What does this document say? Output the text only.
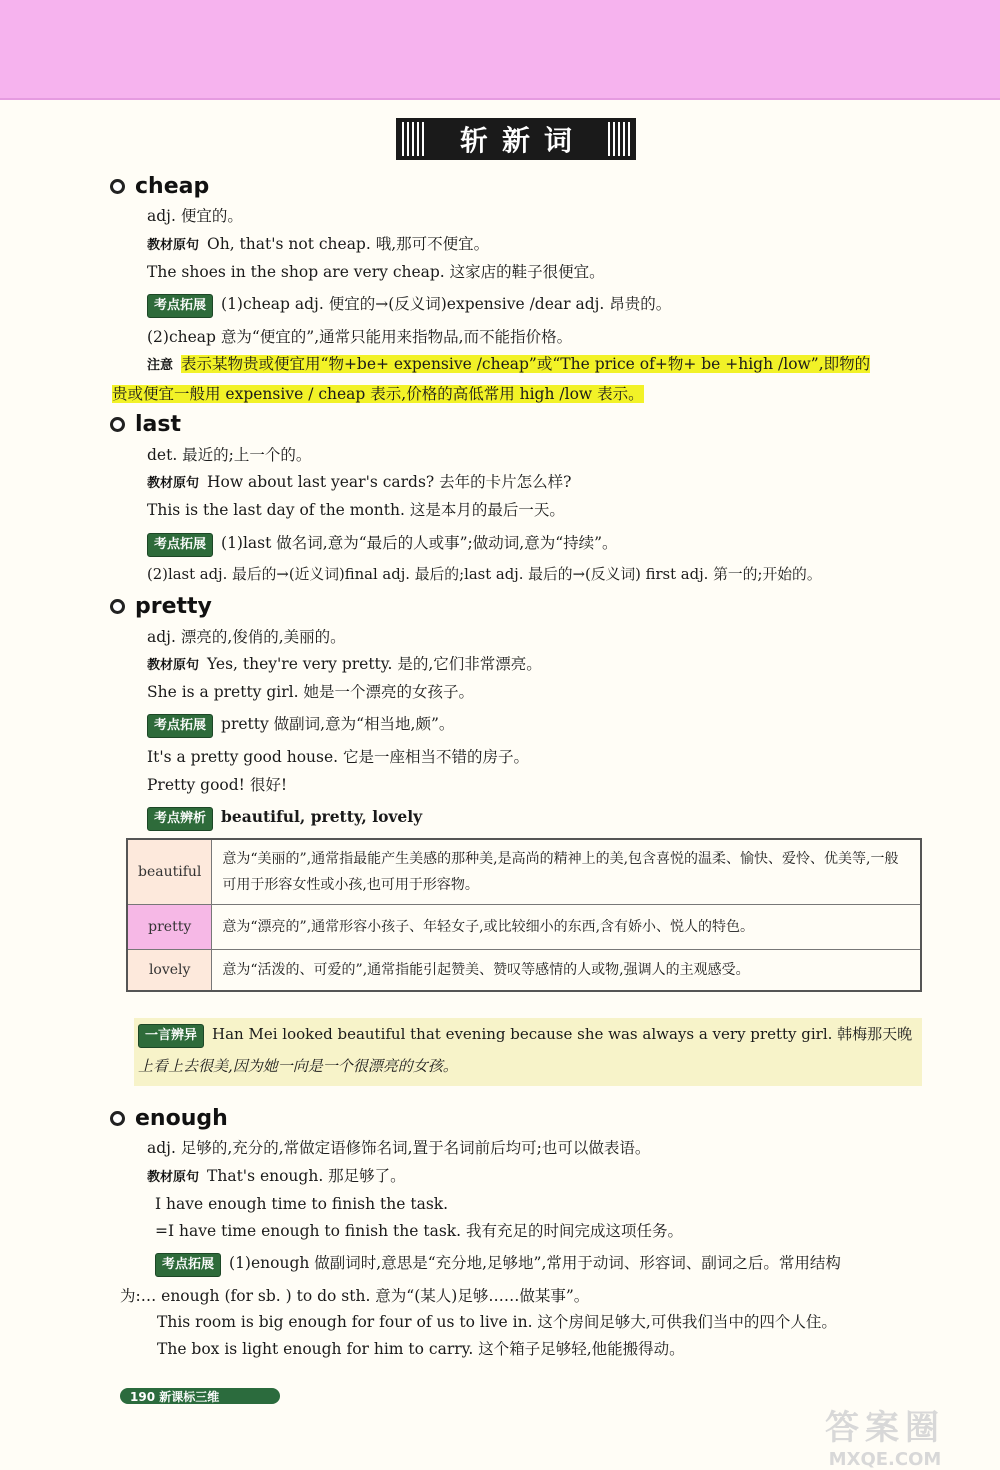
斩新词
cheap
adj. 便宜的。
教材原句 Oh, that's not cheap. 哦,那可不便宜。
The shoes in the shop are very cheap. 这家店的鞋子很便宜。
考点拓展 (1)cheap adj. 便宜的→(反义词)expensive /dear adj. 昂贵的。
(2)cheap 意为“便宜的”,通常只能用来指物品,而不能指价格。
注意 表示某物贵或便宜用“物+be+ expensive /cheap”或“The price of+物+ be +high /low”,即物的
贵或便宜一般用 expensive / cheap 表示,价格的高低常用 high /low 表示。
last
det. 最近的;上一个的。
教材原句 How about last year's cards? 去年的卡片怎么样?
This is the last day of the month. 这是本月的最后一天。
考点拓展 (1)last 做名词,意为“最后的人或事”;做动词,意为“持续”。
(2)last adj. 最后的→(近义词)final adj. 最后的;last adj. 最后的→(反义词) first adj. 第一的;开始的。
pretty
adj. 漂亮的,俊俏的,美丽的。
教材原句 Yes, they're very pretty. 是的,它们非常漂亮。
She is a pretty girl. 她是一个漂亮的女孩子。
考点拓展 pretty 做副词,意为“相当地,颇”。
It's a pretty good house. 它是一座相当不错的房子。
Pretty good! 很好!
考点辨析 beautiful, pretty, lovely
beautiful	意为“美丽的”,通常指最能产生美感的那种美,是高尚的精神上的美,包含喜悦的温柔、愉快、爱怜、优美等,一般可用于形容女性或小孩,也可用于形容物。
pretty	意为“漂亮的”,通常形容小孩子、年轻女子,或比较细小的东西,含有娇小、悦人的特色。
lovely	意为“活泼的、可爱的”,通常指能引起赞美、赞叹等感情的人或物,强调人的主观感受。
一言辨异 Han Mei looked beautiful that evening because she was always a very pretty girl. 韩梅那天晚
上看上去很美,因为她一向是一个很漂亮的女孩。
enough
adj. 足够的,充分的,常做定语修饰名词,置于名词前后均可;也可以做表语。
教材原句 That's enough. 那足够了。
I have enough time to finish the task.
=I have time enough to finish the task. 我有充足的时间完成这项任务。
考点拓展 (1)enough 做副词时,意思是“充分地,足够地”,常用于动词、形容词、副词之后。常用结构
为:… enough (for sb. ) to do sth. 意为“(某人)足够……做某事”。
This room is big enough for four of us to live in. 这个房间足够大,可供我们当中的四个人住。
The box is light enough for him to carry. 这个箱子足够轻,他能搬得动。
190 新课标三维
答案圈
MXQE.COM
